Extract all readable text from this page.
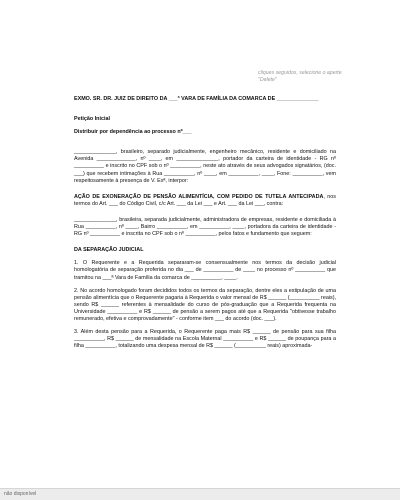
cliques seguidos, selecione o aperte "Delete"

EXMO. SR. DR. JUIZ DE DIREITO DA ___ª VARA DE FAMÍLIA DA COMARCA DE ______________

Petição Inicial

Distribuir por dependência ao processo nº___

______________, brasileiro, separado judicialmente, engenheiro mecânico, residente e domiciliado na Avenida _____________, nº ____, em ______________, portador da carteira de identidade - RG nº __________ e inscrito no CPF sob o nº __________, neste ato através de seus advogados signatários, (doc. ___) que recebem intimações à Rua __________, nº ____, em __________, ____, Fone: __________, vem respeitosamente à presença de V. Exª, interpor:

AÇÃO DE EXONERAÇÃO DE PENSÃO ALIMENTÍCIA, COM PEDIDO DE TUTELA ANTECIPADA, nos termos do Art. ___ do Código Civil, c/c Art. ___ da Lei ___ e Art. ___ da Lei ___, contra:

______________, brasileira, separada judicialmente, administradora de empresas, residente e domiciliada à Rua __________, nº ____, Bairro __________, em __________, ____, portadora da carteira de identidade - RG nº __________ e inscrita no CPF sob o nº __________, pelos fatos e fundamento que seguem:

DA SEPARAÇÃO JUDICIAL

1. O Requerente e a Requerida separaram-se consensualmente nos termos da decisão judicial homologatória de separação proferida no dia ___ de __________ de ____ no processo nº __________ que tramitou na ___ª Vara de Família da comarca de __________, ____.

2. No acordo homologado foram decididos todos os termos da separação, dentre eles a estipulação de uma pensão alimentícia que o Requerente pagaria à Requerida o valor mensal de R$ ______ (__________ reais), sendo R$ ______ referentes à mensalidade do curso de pós-graduação que a Requerida frequenta na Universidade __________ e R$ ______ de pensão a serem pagos até que a Requerida "obtivesse trabalho remunerado, efetiva e comprovadamente" - conforme item ___ do acordo (doc. ___).

3. Além desta pensão para a Requerida, o Requerente paga mais R$ ______ de pensão para sua filha __________, R$ ______ de mensalidade na Escola Maternal __________ e R$ ______ de poupança para a filha __________, totalizando uma despesa mensal de R$ ______ (__________ reais) aproximada-

não disponível
